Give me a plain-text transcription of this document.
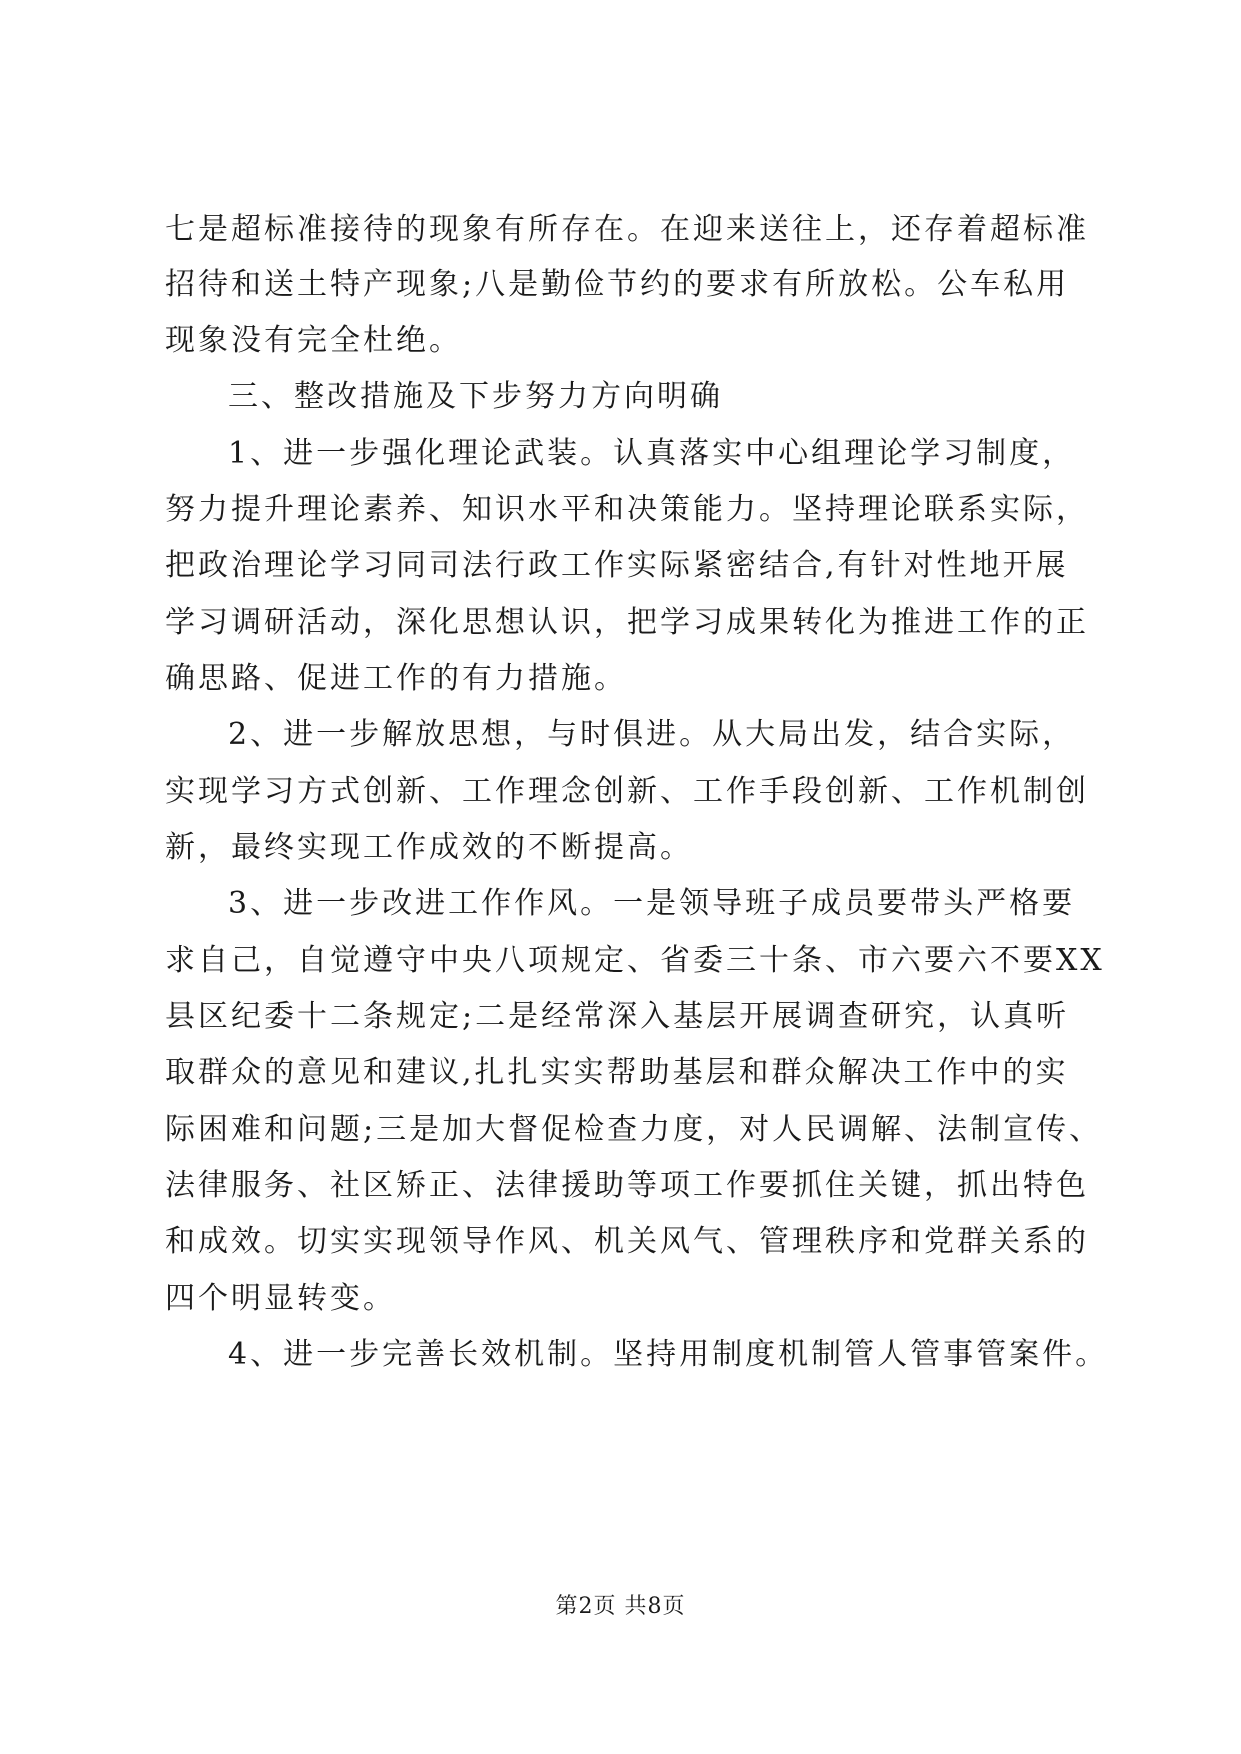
七是超标准接待的现象有所存在。在迎来送往上，还存着超标准
招待和送土特产现象;八是勤俭节约的要求有所放松。公车私用
现象没有完全杜绝。
三、整改措施及下步努力方向明确
1、进一步强化理论武装。认真落实中心组理论学习制度，
努力提升理论素养、知识水平和决策能力。坚持理论联系实际，
把政治理论学习同司法行政工作实际紧密结合,有针对性地开展
学习调研活动，深化思想认识，把学习成果转化为推进工作的正
确思路、促进工作的有力措施。
2、进一步解放思想，与时俱进。从大局出发，结合实际，
实现学习方式创新、工作理念创新、工作手段创新、工作机制创
新，最终实现工作成效的不断提高。
3、进一步改进工作作风。一是领导班子成员要带头严格要
求自己，自觉遵守中央八项规定、省委三十条、市六要六不要XX
县区纪委十二条规定;二是经常深入基层开展调查研究，认真听
取群众的意见和建议,扎扎实实帮助基层和群众解决工作中的实
际困难和问题;三是加大督促检查力度，对人民调解、法制宣传、
法律服务、社区矫正、法律援助等项工作要抓住关键，抓出特色
和成效。切实实现领导作风、机关风气、管理秩序和党群关系的
四个明显转变。
4、进一步完善长效机制。坚持用制度机制管人管事管案件。
第2页 共8页
